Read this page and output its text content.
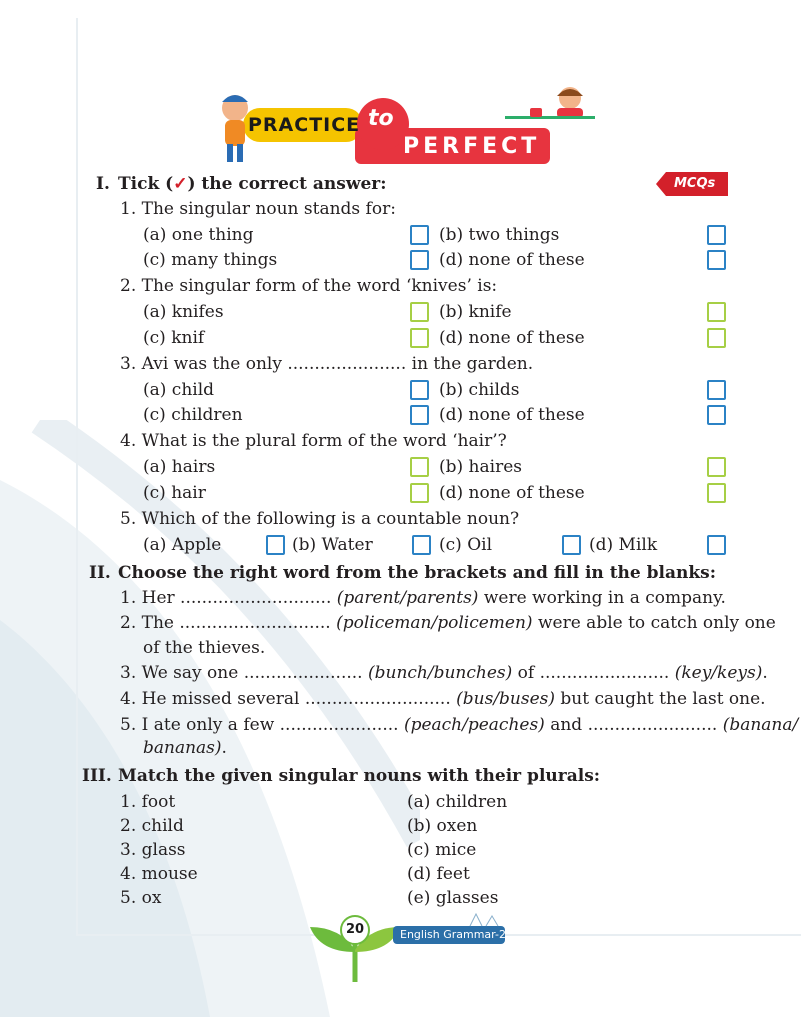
PRACTICE to
PERFECT
MCQs
I. Tick (✓) the correct answer:
1. The singular noun stands for:
(a) one thing	(b) two things
(c) many things	(d) none of these
2. The singular form of the word ‘knives’ is:
(a) knifes	(b) knife
(c) knif	(d) none of these
3. Avi was the only ...................... in the garden.
(a) child	(b) childs
(c) children	(d) none of these
4. What is the plural form of the word ‘hair’?
(a) hairs	(b) haires
(c) hair	(d) none of these
5. Which of the following is a countable noun?
(a) Apple	(b) Water	(c) Oil	(d) Milk
II. Choose the right word from the brackets and fill in the blanks:
1. Her ............................ (parent/parents) were working in a company.
2. The ............................ (policeman/policemen) were able to catch only one
of the thieves.
3. We say one ...................... (bunch/bunches) of ........................ (key/keys).
4. He missed several ........................... (bus/buses) but caught the last one.
5. I ate only a few ...................... (peach/peaches) and ........................ (banana/
bananas).
III. Match the given singular nouns with their plurals:
1. foot	(a) children
2. child	(b) oxen
3. glass	(c) mice
4. mouse	(d) feet
5. ox	(e) glasses
20	English Grammar-2
